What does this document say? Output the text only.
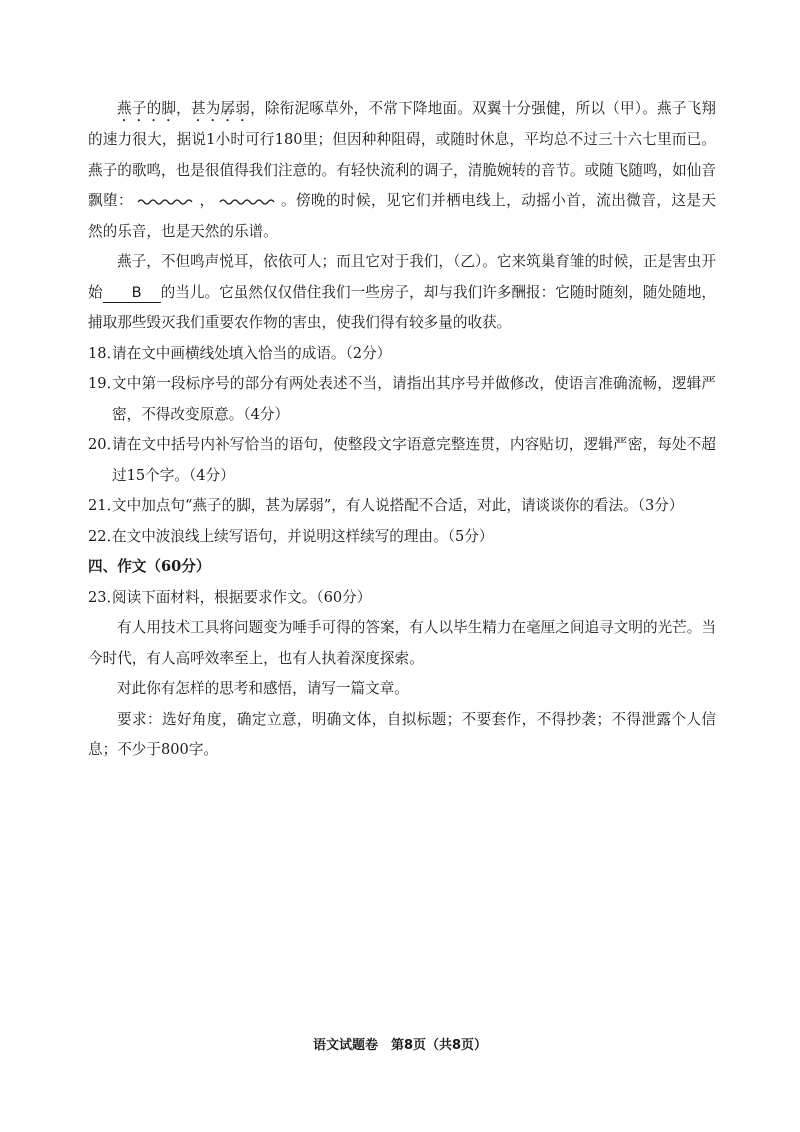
燕子的脚，甚为孱弱，除衔泥啄草外，不常下降地面。双翼十分强健，所以（甲）。燕子飞翔的速力很大，据说1小时可行180里；但因种种阻碍，或随时休息，平均总不过三十六七里而已。燕子的歌鸣，也是很值得我们注意的。有轻快流利的调子，清脆婉转的音节。或随飞随鸣，如仙音飘堕：	，	。傍晚的时候，见它们并栖电线上，动摇小首，流出微音，这是天然的乐音，也是天然的乐谱。

燕子，不但鸣声悦耳，依依可人；而且它对于我们，（乙）。它来筑巢育雏的时候，正是害虫开始 B 的当儿。它虽然仅仅借住我们一些房子，却与我们许多酬报：它随时随刻，随处随地，捕取那些毁灭我们重要农作物的害虫，使我们得有较多量的收获。

18．
请在文中画横线处填入恰当的成语。（2分）
19．
文中第一段标序号的部分有两处表述不当，请指出其序号并做修改，使语言准确流畅，逻辑严密，不得改变原意。（4分）
20．
请在文中括号内补写恰当的语句，使整段文字语意完整连贯，内容贴切，逻辑严密，每处不超过15个字。（4分）
21．
文中加点句“燕子的脚，甚为孱弱”，有人说搭配不合适，对此，请谈谈你的看法。（3分）
22．
在文中波浪线上续写语句，并说明这样续写的理由。（5分）

四、作文（60分）

23．
阅读下面材料，根据要求作文。（60分）

有人用技术工具将问题变为唾手可得的答案，有人以毕生精力在毫厘之间追寻文明的光芒。当今时代，有人高呼效率至上，也有人执着深度探索。

对此你有怎样的思考和感悟，请写一篇文章。

要求：选好角度，确定立意，明确文体，自拟标题；不要套作，不得抄袭；不得泄露个人信息；不少于800字。

语文试题卷　第8页（共8页）
